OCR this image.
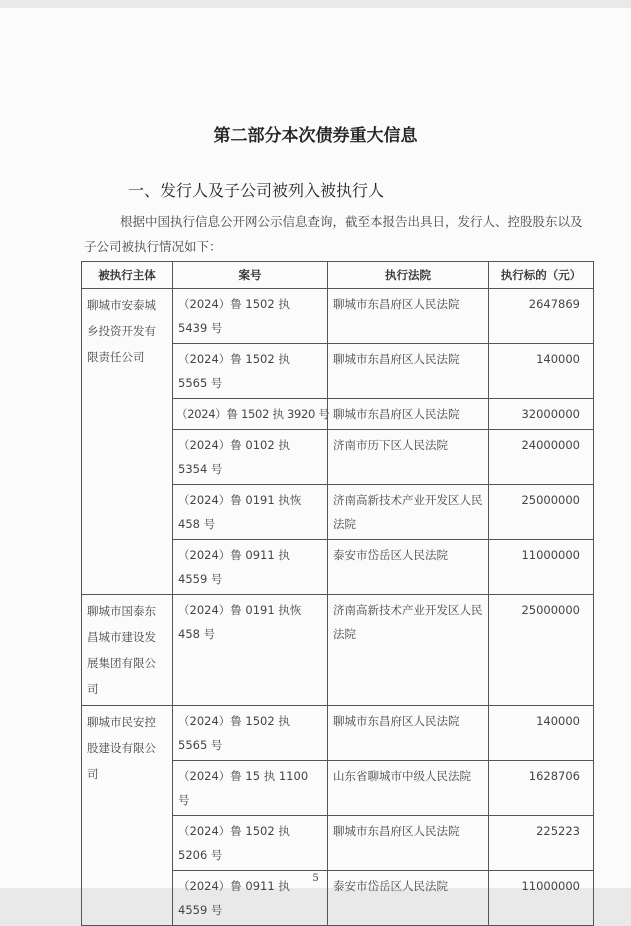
第二部分本次债券重大信息
一、发行人及子公司被列入被执行人
根据中国执行信息公开网公示信息查询，截至本报告出具日，发行人、控股股东以及子公司被执行情况如下：
被执行主体	案号	执行法院	执行标的（元）
聊城市安泰城乡投资开发有限责任公司	（2024）鲁 1502 执 5439 号	聊城市东昌府区人民法院	2647869
	（2024）鲁 1502 执 5565 号	聊城市东昌府区人民法院	140000
	（2024）鲁 1502 执 3920 号	聊城市东昌府区人民法院	32000000
	（2024）鲁 0102 执 5354 号	济南市历下区人民法院	24000000
	（2024）鲁 0191 执恢 458 号	济南高新技术产业开发区人民法院	25000000
	（2024）鲁 0911 执 4559 号	泰安市岱岳区人民法院	11000000
聊城市国泰东昌城市建设发展集团有限公司	（2024）鲁 0191 执恢 458 号	济南高新技术产业开发区人民法院	25000000
聊城市民安控股建设有限公司	（2024）鲁 1502 执 5565 号	聊城市东昌府区人民法院	140000
	（2024）鲁 15 执 1100 号	山东省聊城市中级人民法院	1628706
	（2024）鲁 1502 执 5206 号	聊城市东昌府区人民法院	225223
	（2024）鲁 0911 执 4559 号	泰安市岱岳区人民法院	11000000
5
